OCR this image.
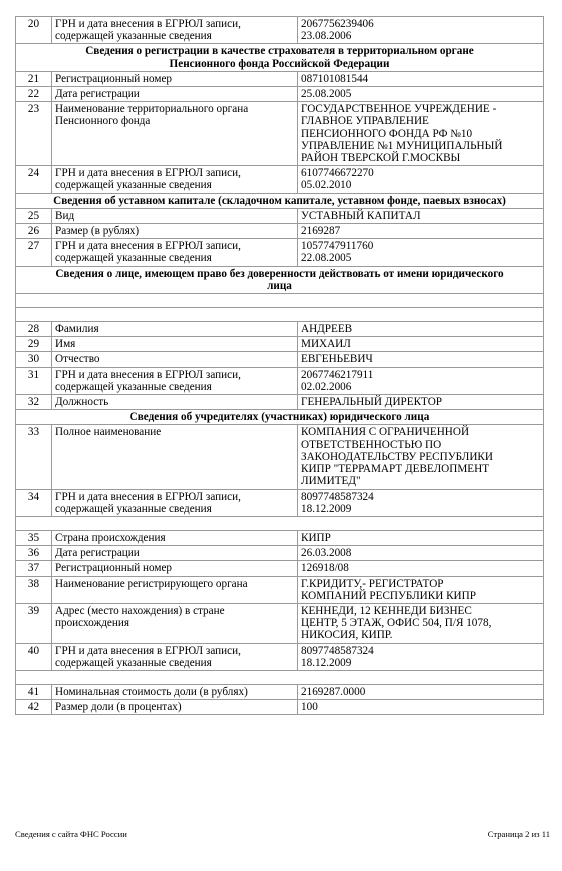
20	ГРН и дата внесения в ЕГРЮЛ записи,
содержащей указанные сведения	2067756239406
23.08.2006

Сведения о регистрации в качестве страхователя в территориальном органе
Пенсионного фонда Российской Федерации		

21	Регистрационный номер	087101081544

22	Дата регистрации	25.08.2005

23	Наименование территориального органа
Пенсионного фонда	ГОСУДАРСТВЕННОЕ УЧРЕЖДЕНИЕ -
ГЛАВНОЕ УПРАВЛЕНИЕ
ПЕНСИОННОГО ФОНДА РФ №10
УПРАВЛЕНИЕ №1 МУНИЦИПАЛЬНЫЙ
РАЙОН ТВЕРСКОЙ Г.МОСКВЫ

24	ГРН и дата внесения в ЕГРЮЛ записи,
содержащей указанные сведения	6107746672270
05.02.2010

Сведения об уставном капитале (складочном капитале, уставном фонде, паевых взносах)		

25	Вид	УСТАВНЫЙ КАПИТАЛ

26	Размер (в рублях)	2169287

27	ГРН и дата внесения в ЕГРЮЛ записи,
содержащей указанные сведения	1057747911760
22.08.2005

Сведения о лице, имеющем право без доверенности действовать от имени юридического
лица		

28	Фамилия	АНДРЕЕВ

29	Имя	МИХАИЛ

30	Отчество	ЕВГЕНЬЕВИЧ

31	ГРН и дата внесения в ЕГРЮЛ записи,
содержащей указанные сведения	2067746217911
02.02.2006

32	Должность	ГЕНЕРАЛЬНЫЙ ДИРЕКТОР

Сведения об учредителях (участниках) юридического лица		

33	Полное наименование	КОМПАНИЯ С ОГРАНИЧЕННОЙ
ОТВЕТСТВЕННОСТЬЮ ПО
ЗАКОНОДАТЕЛЬСТВУ РЕСПУБЛИКИ
КИПР "ТЕРРАМАРТ ДЕВЕЛОПМЕНТ
ЛИМИТЕД"

34	ГРН и дата внесения в ЕГРЮЛ записи,
содержащей указанные сведения	8097748587324
18.12.2009

35	Страна происхождения	КИПР

36	Дата регистрации	26.03.2008

37	Регистрационный номер	126918/08

38	Наименование регистрирующего органа	Г.КРИДИТУ,- РЕГИСТРАТОР
КОМПАНИЙ РЕСПУБЛИКИ КИПР

39	Адрес (место нахождения) в стране
происхождения	КЕННЕДИ, 12 КЕННЕДИ БИЗНЕС
ЦЕНТР, 5 ЭТАЖ, ОФИС 504, П/Я 1078,
НИКОСИЯ, КИПР.

40	ГРН и дата внесения в ЕГРЮЛ записи,
содержащей указанные сведения	8097748587324
18.12.2009

41	Номинальная стоимость доли (в рублях)	2169287.0000

42	Размер доли (в процентах)	100
Сведения с сайта ФНС России	Страница 2 из 11
